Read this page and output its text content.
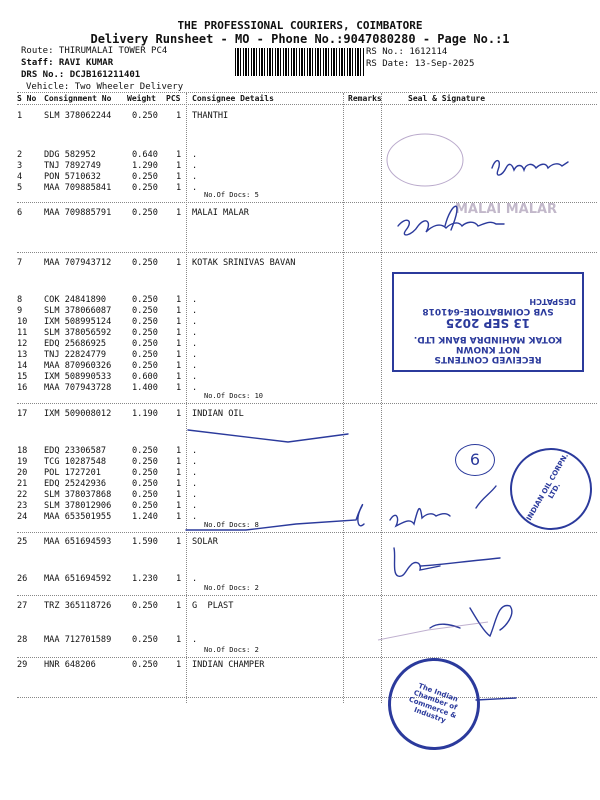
THE PROFESSIONAL COURIERS, COIMBATORE
Delivery Runsheet - MO - Phone No.:9047080280 - Page No.:1
Route: THIRUMALAI TOWER PC4
Staff: RAVI KUMAR
DRS No.: DCJB161211401
Vehicle: Two Wheeler Delivery
RS No.: 1612114
RS Date: 13-Sep-2025
S No Consignment No Weight PCS Consignee Details	Remarks	Seal & Signature
1	SLM 378062244 0.250 1 THANTHI
2	DDG 582952	0.640 1 .
3	TNJ 7892749	1.290 1 .
4	PON 5710632	0.250 1 .
5	MAA 709885841 0.250 1 .
6	MAA 709885791 0.250 1 MALAI MALAR
7	MAA 707943712 0.250 1 KOTAK SRINIVAS BAVAN
8	COK 24841890	0.250 1 .
9	SLM 378066087 0.250 1 .
10 IXM 508995124 0.250 1 .
11 SLM 378056592 0.250 1 .
12 EDQ 25686925	0.250 1 .
13 TNJ 22824779	0.250 1 .
14 MAA 870960326 0.250 1 .
15 IXM 508990533 0.600 1 .
16 MAA 707943728 1.400 1 .
17 IXM 509008012 1.190 1 INDIAN OIL
18 EDQ 23306587	0.250 1 .
19 TCG 10287548	0.250 1 .
20 POL 1727201	0.250 1 .
21 EDQ 25242936	0.250 1 .
22 SLM 378037868 0.250 1 .
23 SLM 378012906 0.250 1 .
24 MAA 653501955 1.240 1 .
25 MAA 651694593 1.590 1 SOLAR
26 MAA 651694592 1.230 1 .
27 TRZ 365118726 0.250 1 G  PLAST
28 MAA 712701589 0.250 1 .
29 HNR 648206	0.250 1 INDIAN CHAMPER
No.Of Docs: 5
No.Of Docs: 10
No.Of Docs: 8
No.Of Docs: 2
No.Of Docs: 2
RECEIVED CONTENTS
NOT KNOWN
KOTAK MAHINDRA BANK LTD.
13 SEP 2025
SVB COIMBATORE-641018
DESPATCH
MALAI MALAR
INDIAN OIL CORPN. LTD.
The Indian Chamber of Commerce & Industry
6
